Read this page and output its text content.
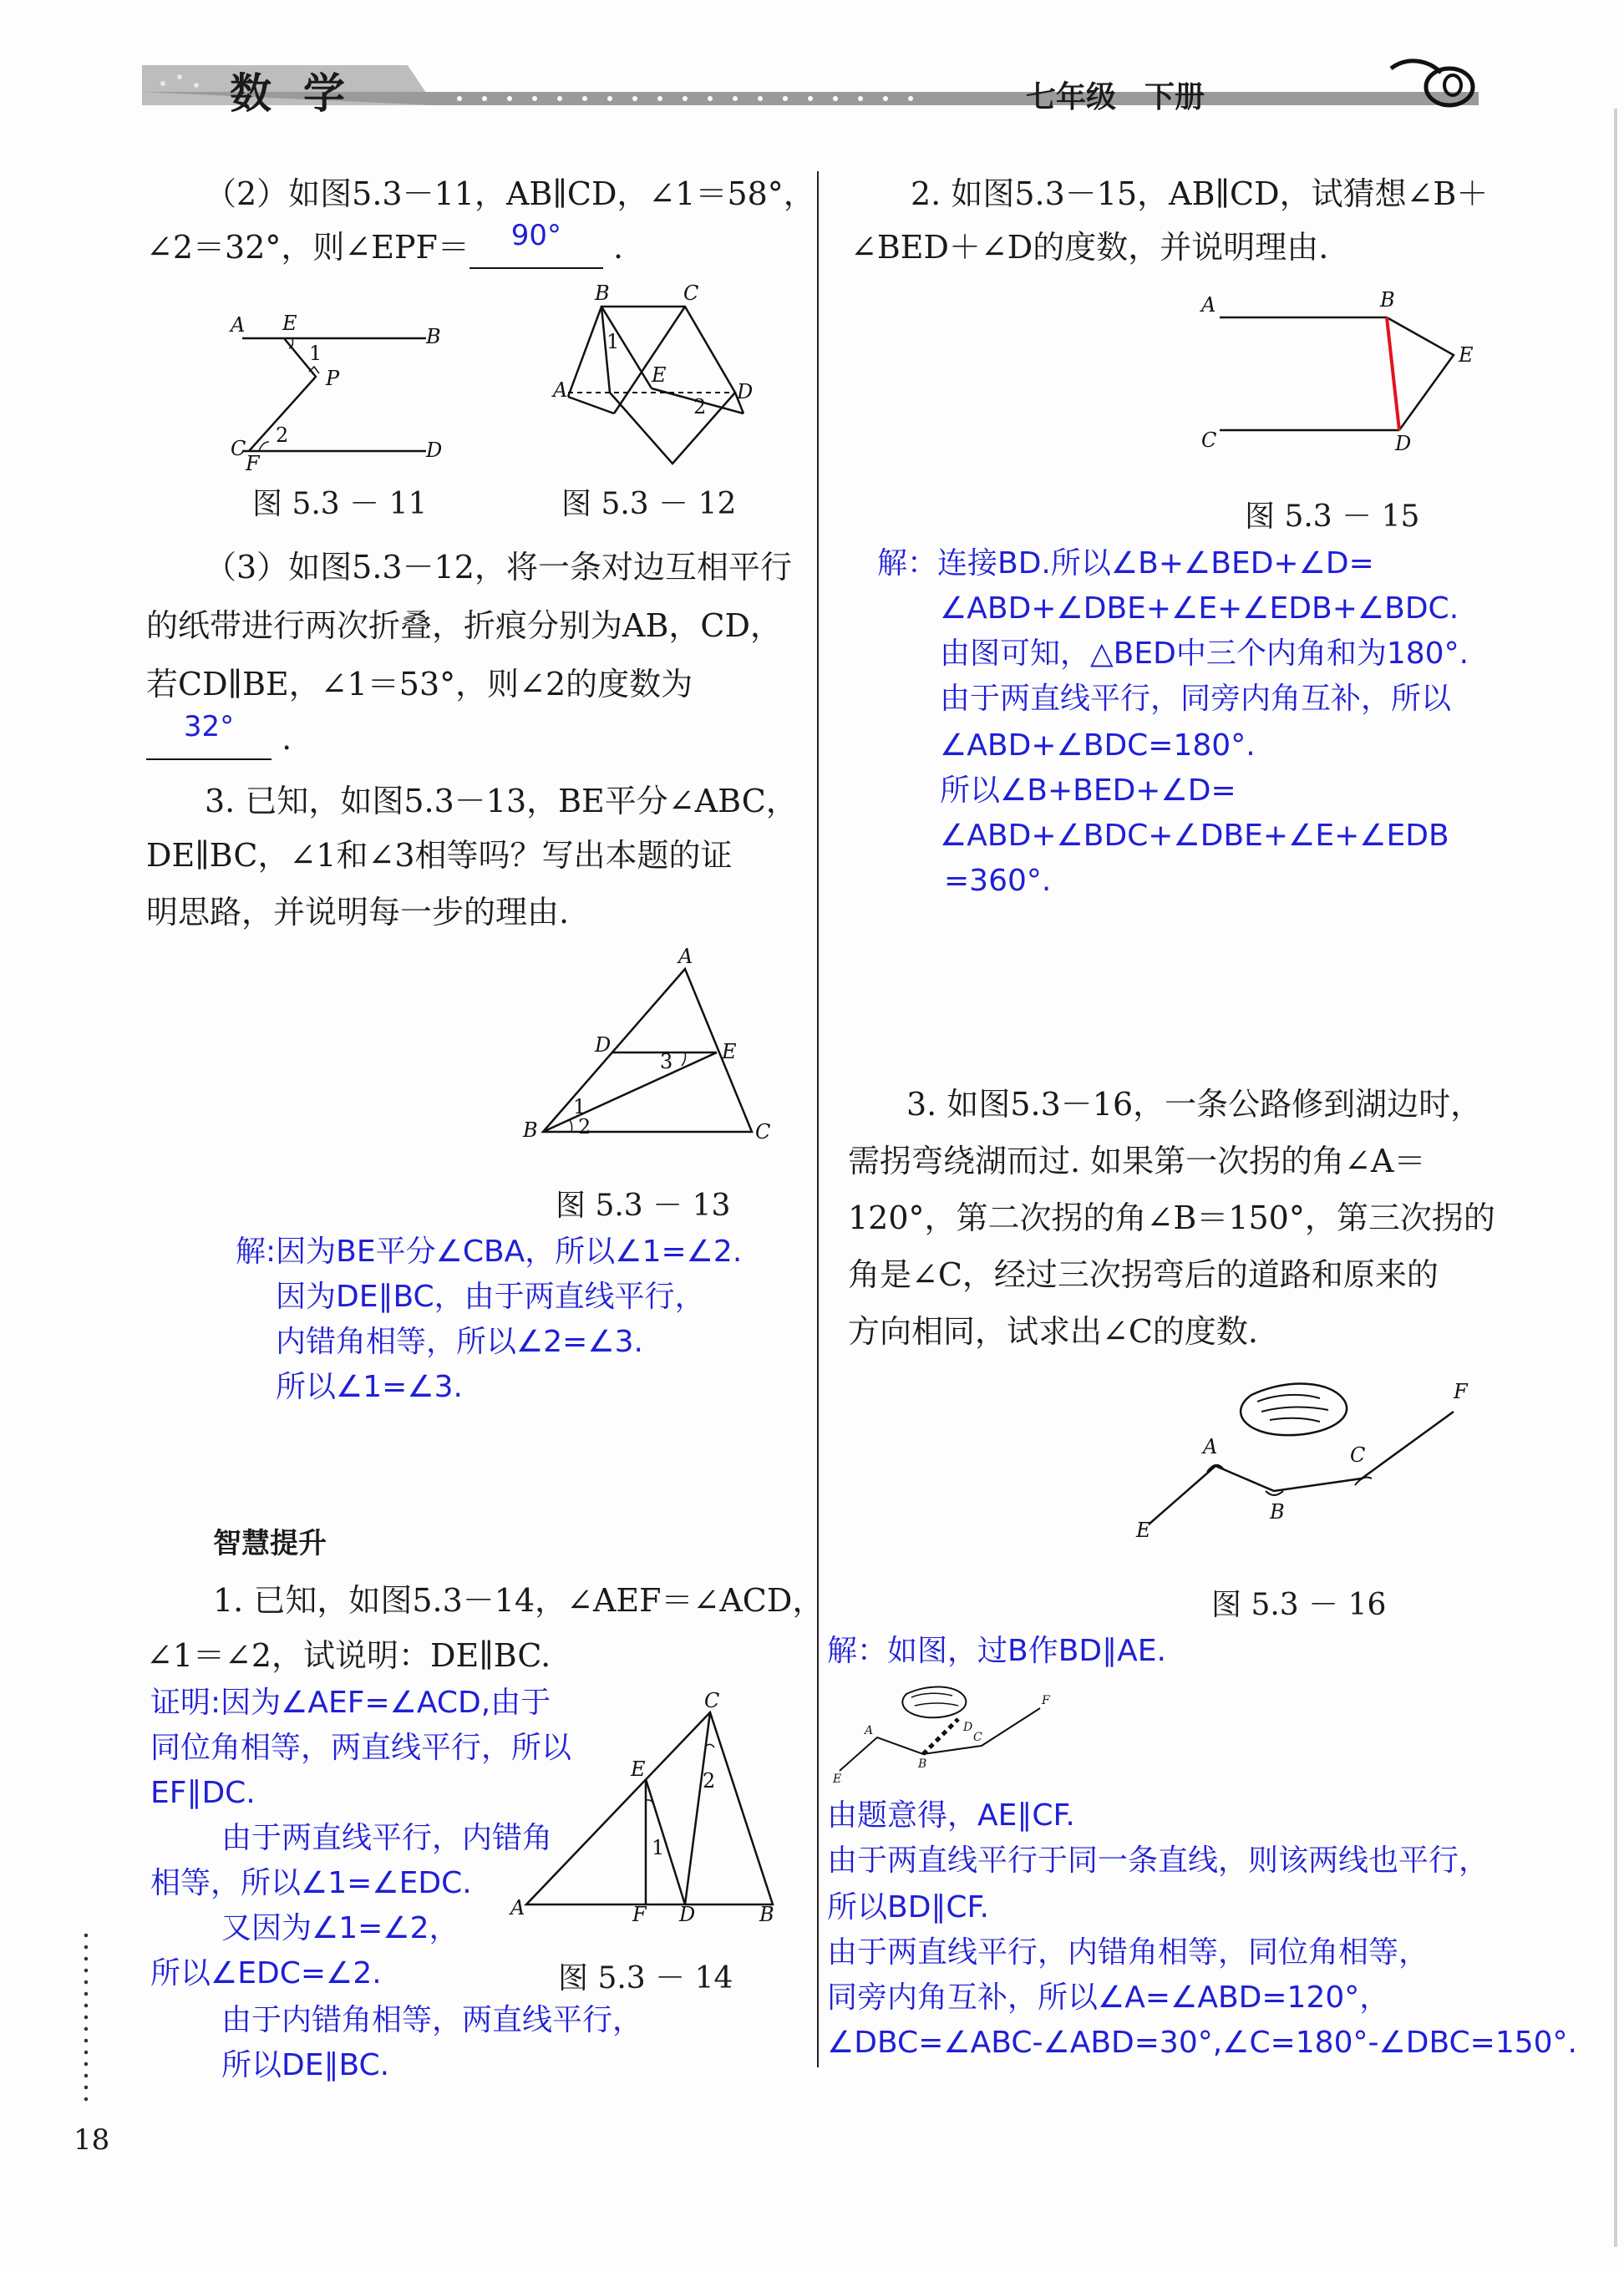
数学	七年级 下册
（2）如图5.3－11，AB∥CD，∠1＝58°，
∠2＝32°，则∠EPF＝	90°	.
A E
B
1
P
C
F
D
2
图 5.3 － 11
B	C
A
E
D
1
2
图 5.3 － 12
（3）如图5.3－12，将一条对边互相平行
的纸带进行两次折叠，折痕分别为AB，CD，
若CD∥BE，∠1＝53°，则∠2的度数为
32°	.
3. 已知，如图5.3－13，BE平分∠ABC，
DE∥BC，∠1和∠3相等吗？写出本题的证
明思路，并说明每一步的理由.
A
D	E
B	C
1
2
3
图 5.3 － 13
解:因为BE平分∠CBA，所以∠1=∠2.
因为DE∥BC，由于两直线平行，
内错角相等，所以∠2=∠3.
所以∠1=∠3.
智慧提升
1. 已知，如图5.3－14，∠AEF＝∠ACD，
∠1＝∠2，试说明：DE∥BC.
证明:因为∠AEF=∠ACD,由于
同位角相等，两直线平行，所以
EF∥DC.
由于两直线平行，内错角
相等，所以∠1=∠EDC.
又因为∠1=∠2，
所以∠EDC=∠2.
由于内错角相等，两直线平行，
所以DE∥BC.
C
E
A	F D	B
1
2
图 5.3 － 14
18
2. 如图5.3－15，AB∥CD，试猜想∠B＋
∠BED＋∠D的度数，并说明理由.
A	B
E
C	D
图 5.3 － 15
解：连接BD.所以∠B+∠BED+∠D=
∠ABD+∠DBE+∠E+∠EDB+∠BDC.
由图可知，△BED中三个内角和为180°.
由于两直线平行，同旁内角互补，所以
∠ABD+∠BDC=180°.
所以∠B+BED+∠D=
∠ABD+∠BDC+∠DBE+∠E+∠EDB
=360°.
3. 如图5.3－16，一条公路修到湖边时，
需拐弯绕湖而过. 如果第一次拐的角∠A＝
120°，第二次拐的角∠B＝150°，第三次拐的
角是∠C，经过三次拐弯后的道路和原来的
方向相同，试求出∠C的度数.
A
B
C
E
F
图 5.3 － 16
解：如图，过B作BD∥AE.
A
B
D
C
E
F
由题意得，AE∥CF.
由于两直线平行于同一条直线，则该两线也平行，
所以BD∥CF.
由于两直线平行，内错角相等，同位角相等，
同旁内角互补，所以∠A=∠ABD=120°，
∠DBC=∠ABC-∠ABD=30°,∠C=180°-∠DBC=150°.
